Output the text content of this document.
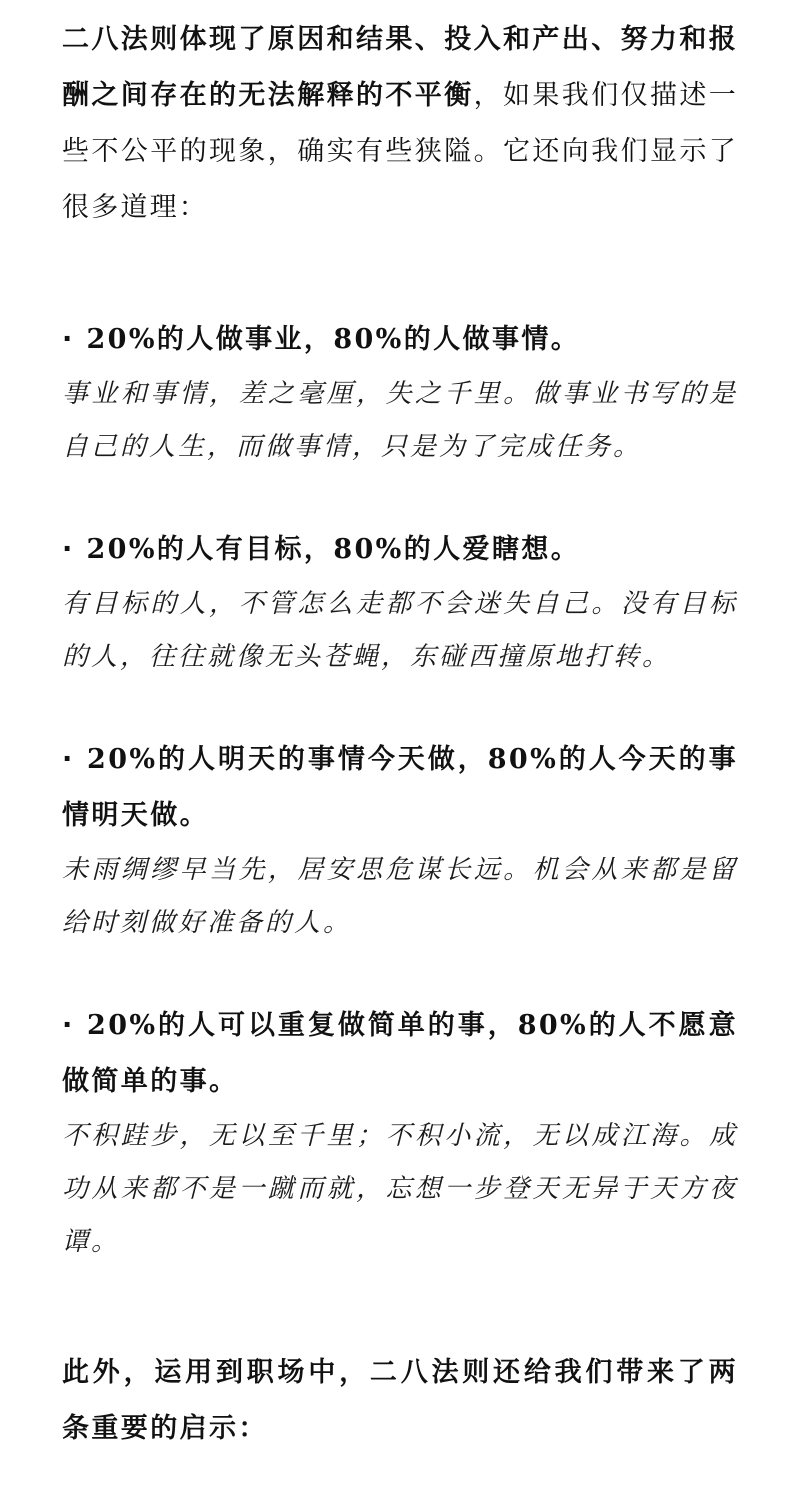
二八法则体现了原因和结果、投入和产出、努力和报酬之间存在的无法解释的不平衡，如果我们仅描述一些不公平的现象，确实有些狭隘。它还向我们显示了很多道理：

· 20%的人做事业，80%的人做事情。

事业和事情，差之毫厘，失之千里。做事业书写的是自己的人生，而做事情，只是为了完成任务。

· 20%的人有目标，80%的人爱瞎想。

有目标的人，不管怎么走都不会迷失自己。没有目标的人，往往就像无头苍蝇，东碰西撞原地打转。

· 20%的人明天的事情今天做，80%的人今天的事情明天做。

未雨绸缪早当先，居安思危谋长远。机会从来都是留给时刻做好准备的人。

· 20%的人可以重复做简单的事，80%的人不愿意做简单的事。

不积跬步，无以至千里；不积小流，无以成江海。成功从来都不是一蹴而就，忘想一步登天无异于天方夜谭。

此外，运用到职场中，二八法则还给我们带来了两条重要的启示：
